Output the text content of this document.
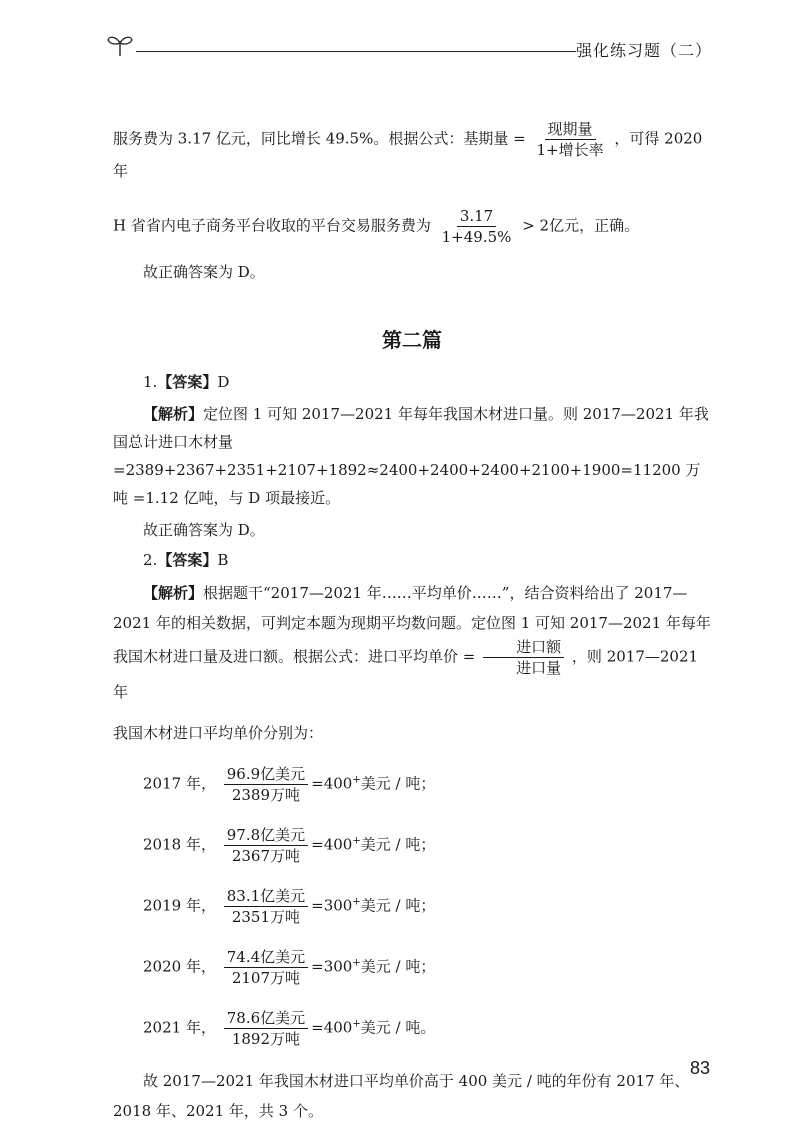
强化练习题（二）

服务费为 3.17 亿元，同比增长 49.5%。根据公式：基期量 = $\frac{\text{现期量}}{\text{1+增长率}}$ ，可得 2020 年

H 省省内电子商务平台收取的平台交易服务费为 $\frac{3.17}{1+49.5\%} > 2$亿元，正确。

故正确答案为 D。

第二篇

1.【答案】D

【解析】定位图 1 可知 2017—2021 年每年我国木材进口量。则 2017—2021 年我国总计进口木材量 =2389+2367+2351+2107+1892≈2400+2400+2400+2100+1900=11200 万吨 =1.12 亿吨，与 D 项最接近。

故正确答案为 D。

2.【答案】B

【解析】根据题干“2017—2021 年……平均单价……”，结合资料给出了 2017—2021 年的相关数据，可判定本题为现期平均数问题。定位图 1 可知 2017—2021 年每年我国木材进口量及进口额。根据公式：进口平均单价 = $\frac{\text{进口额}}{\text{进口量}}$ ，则 2017—2021 年

我国木材进口平均单价分别为：

2017 年， $\frac{\text{96.9亿美元}}{\text{2389万吨}} =400^+$美元 / 吨；

2018 年， $\frac{\text{97.8亿美元}}{\text{2367万吨}} =400^+$美元 / 吨；

2019 年， $\frac{\text{83.1亿美元}}{\text{2351万吨}} =300^+$美元 / 吨；

2020 年， $\frac{\text{74.4亿美元}}{\text{2107万吨}} =300^+$美元 / 吨；

2021 年， $\frac{\text{78.6亿美元}}{\text{1892万吨}} =400^+$美元 / 吨。

故 2017—2021 年我国木材进口平均单价高于 400 美元 / 吨的年份有 2017 年、2018 年、2021 年，共 3 个。

83
